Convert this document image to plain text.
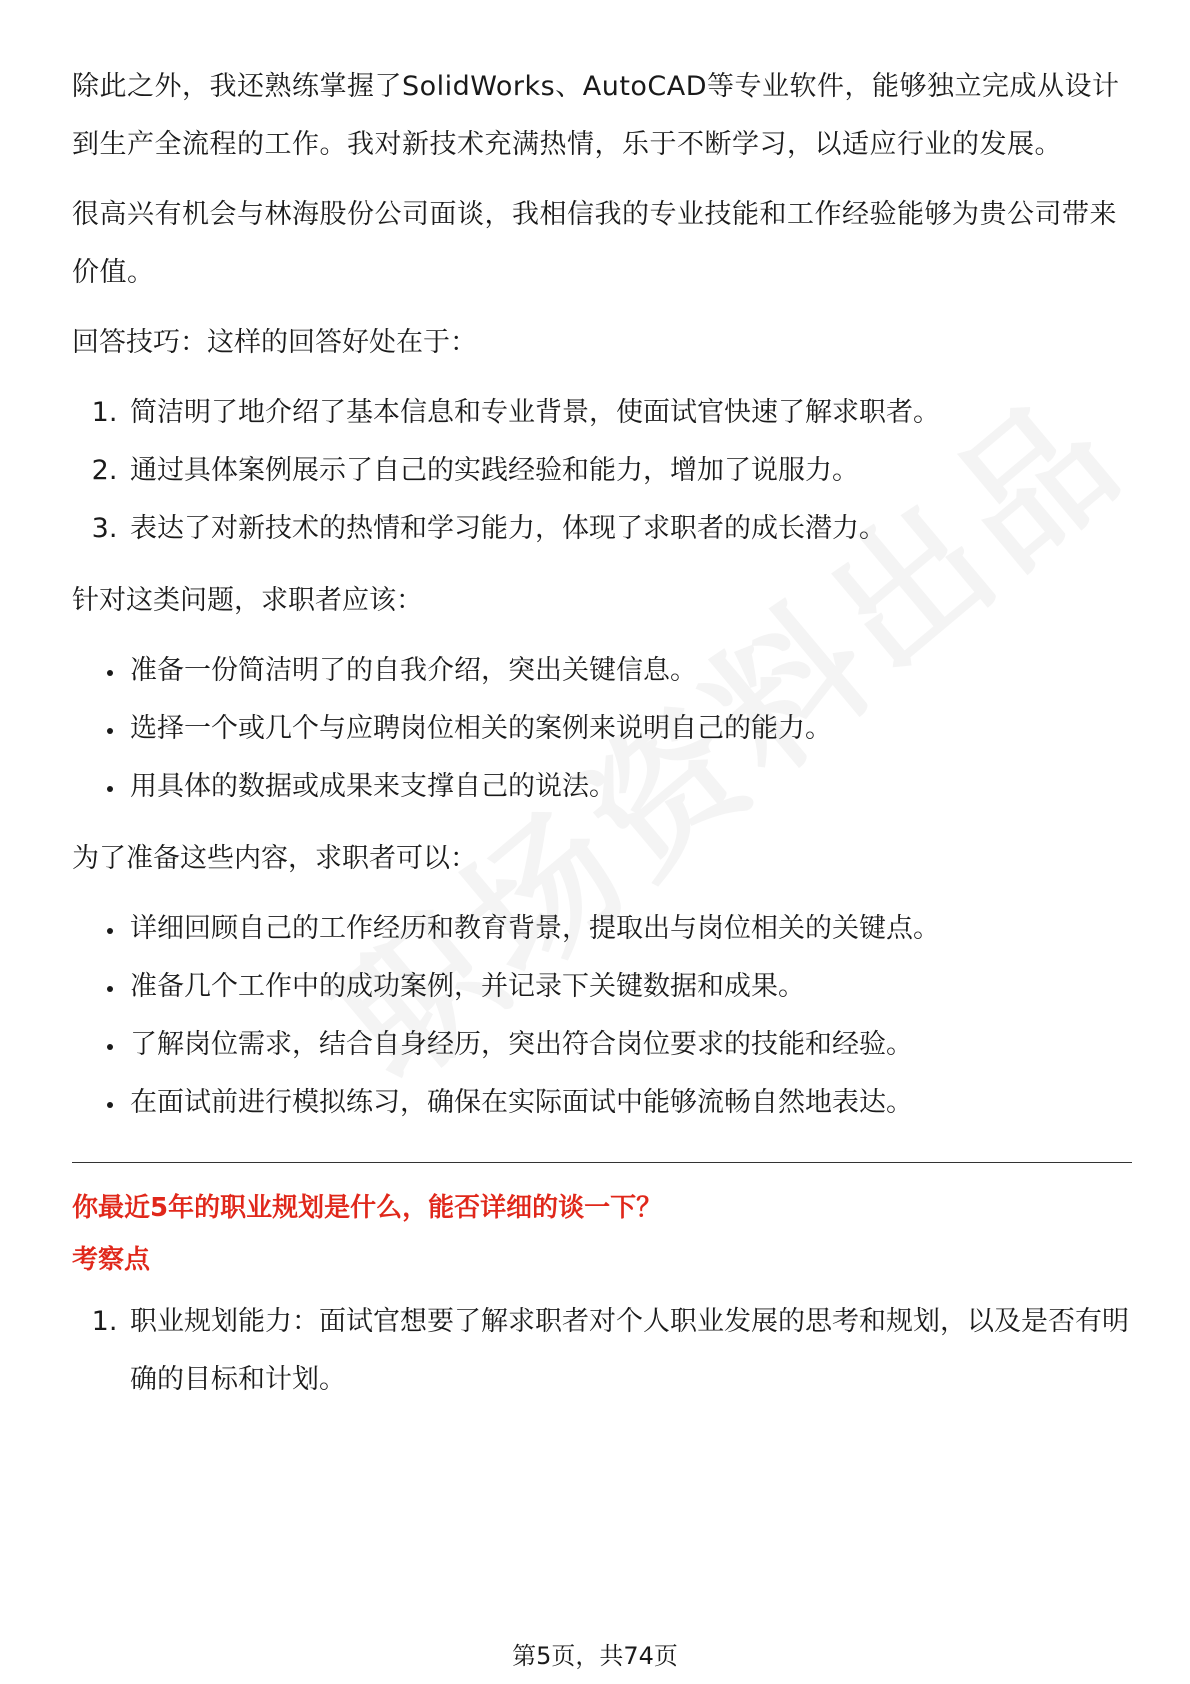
除此之外，我还熟练掌握了SolidWorks、AutoCAD等专业软件，能够独立完成从设计到生产全流程的工作。我对新技术充满热情，乐于不断学习，以适应行业的发展。

很高兴有机会与林海股份公司面谈，我相信我的专业技能和工作经验能够为贵公司带来价值。

回答技巧：这样的回答好处在于：

1. 简洁明了地介绍了基本信息和专业背景，使面试官快速了解求职者。
2. 通过具体案例展示了自己的实践经验和能力，增加了说服力。
3. 表达了对新技术的热情和学习能力，体现了求职者的成长潜力。

针对这类问题，求职者应该：

• 准备一份简洁明了的自我介绍，突出关键信息。
• 选择一个或几个与应聘岗位相关的案例来说明自己的能力。
• 用具体的数据或成果来支撑自己的说法。

为了准备这些内容，求职者可以：

• 详细回顾自己的工作经历和教育背景，提取出与岗位相关的关键点。
• 准备几个工作中的成功案例，并记录下关键数据和成果。
• 了解岗位需求，结合自身经历，突出符合岗位要求的技能和经验。
• 在面试前进行模拟练习，确保在实际面试中能够流畅自然地表达。

你最近5年的职业规划是什么，能否详细的谈一下？

考察点

1. 职业规划能力：面试官想要了解求职者对个人职业发展的思考和规划，以及是否有明确的目标和计划。
第5页，共74页
